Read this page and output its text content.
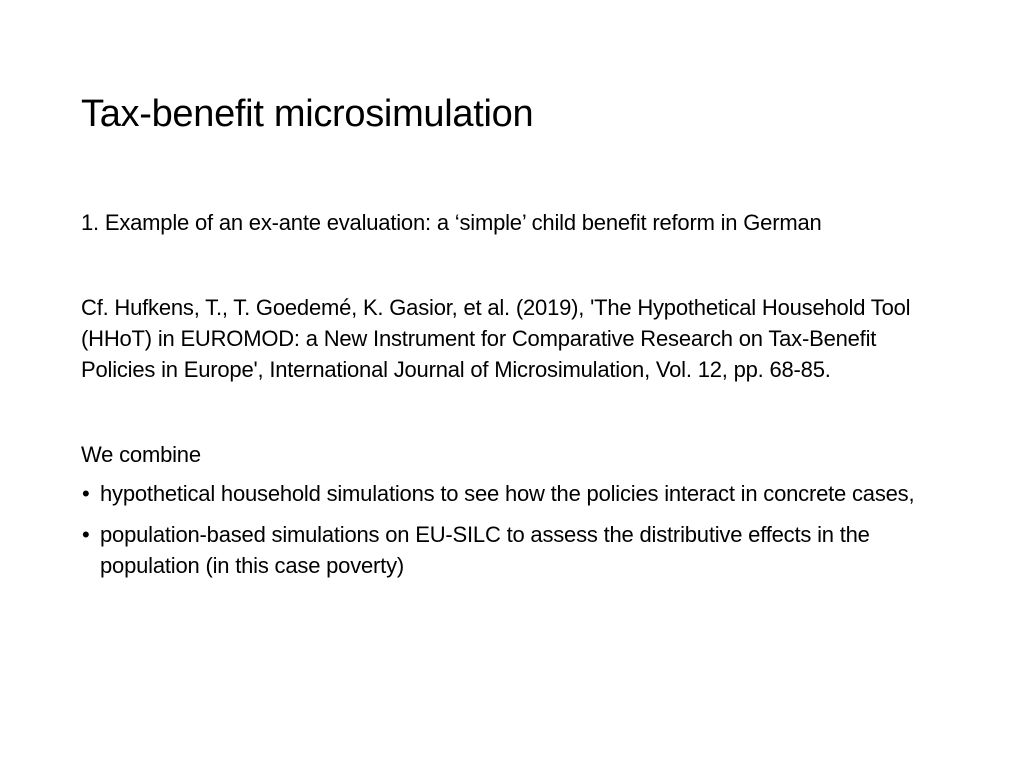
Tax-benefit microsimulation

1. Example of an ex-ante evaluation: a ‘simple’ child benefit reform in German

Cf. Hufkens, T., T. Goedemé, K. Gasior, et al. (2019), 'The Hypothetical Household Tool (HHoT) in EUROMOD: a New Instrument for Comparative Research on Tax-Benefit Policies in Europe', International Journal of Microsimulation, Vol. 12, pp. 68-85.

We combine

• hypothetical household simulations to see how the policies interact in concrete cases,
• population-based simulations on EU-SILC to assess the distributive effects in the population (in this case poverty)
